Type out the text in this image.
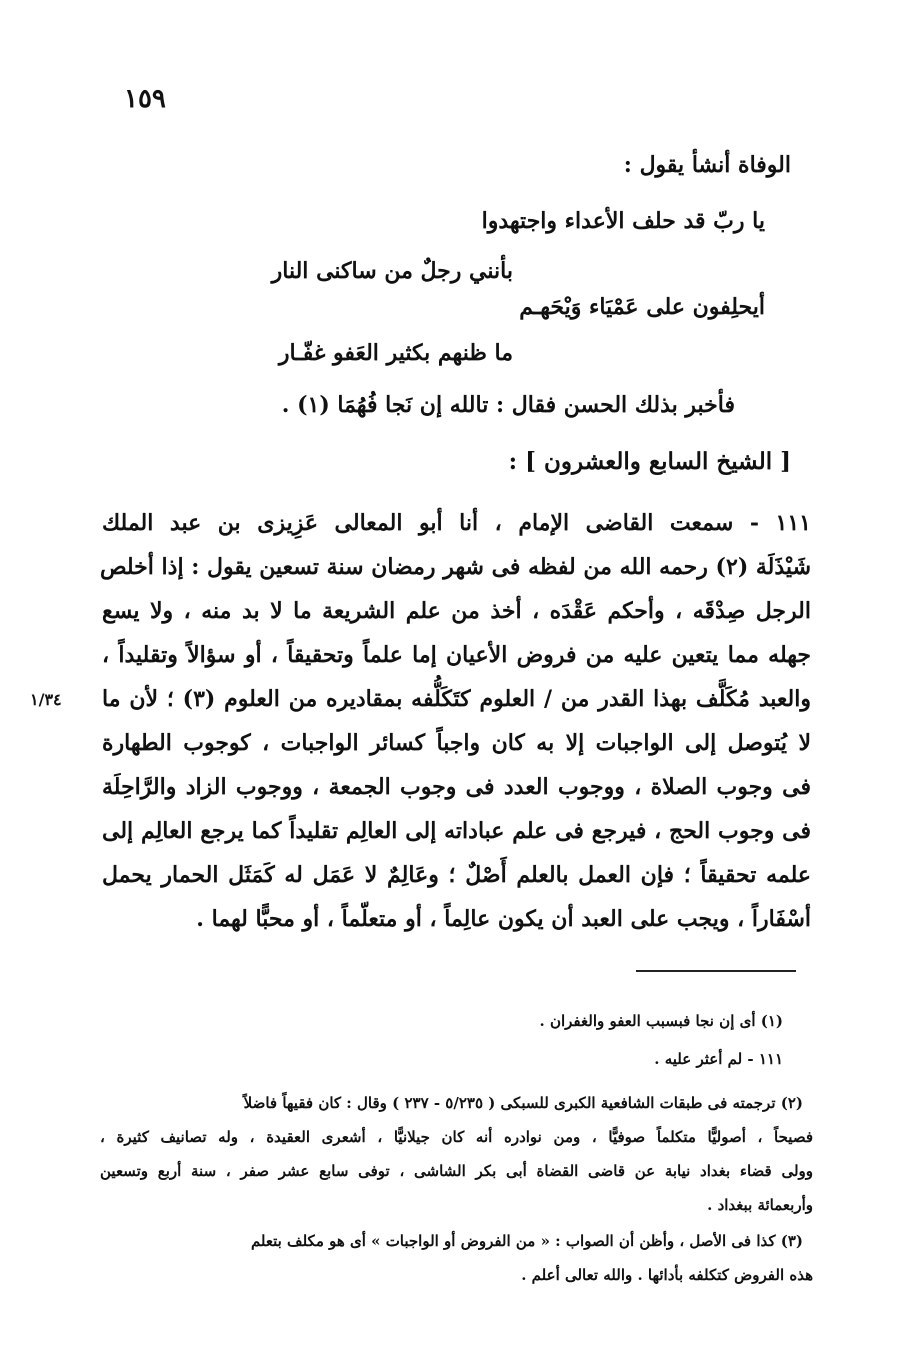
١٥٩
الوفاة أنشأ يقول :
يا ربّ قد حلف الأعداء واجتهدوا
بأنني رجلٌ من ساكنى النار
أيحلِفون على عَمْيَاء وَيْحَهـم
ما ظنهم بكثير العَفو غفّـار
فأخبر بذلك الحسن فقال : تالله إن نَجا فُهُمَا (١) .
[ الشيخ السابع والعشرون ] :
١١١ - سمعت القاضى الإمام ، أنا أبو المعالى عَزِيزى بن عبد الملك
شَيْذَلَة (٢) رحمه الله من لفظه فى شهر رمضان سنة تسعين يقول : إذا أخلص
الرجل صِدْقَه ، وأحكم عَقْدَه ، أخذ من علم الشريعة ما لا بد منه ، ولا يسع
جهله مما يتعين عليه من فروض الأعيان إما علماً وتحقيقاً ، أو سؤالاً وتقليداً ،
والعبد مُكَلَّف بهذا القدر من / العلوم كتَكَلُّفه بمقاديره من العلوم (٣) ؛ لأن ما
لا يُتوصل إلى الواجبات إلا به كان واجباً كسائر الواجبات ، كوجوب الطهارة
فى وجوب الصلاة ، ووجوب العدد فى وجوب الجمعة ، ووجوب الزاد والرَّاحِلَة
فى وجوب الحج ، فيرجع فى علم عباداته إلى العالِم تقليداً كما يرجع العالِم إلى
علمه تحقيقاً ؛ فإن العمل بالعلم أَصْلٌ ؛ وعَالِمٌ لا عَمَل له كَمَثَل الحمار يحمل
أسْفَاراً ، ويجب على العبد أن يكون عالِماً ، أو متعلّماً ، أو محبًّا لهما .
١/٣٤
(١) أى إن نجا فبسبب العفو والغفران .
١١١ - لم أعثر عليه .
(٢) ترجمته فى طبقات الشافعية الكبرى للسبكى ( ٥/٢٣٥ - ٢٣٧ ) وقال : كان فقيهاً فاضلاً
فصيحاً ، أصوليًّا متكلماً صوفيًّا ، ومن نوادره أنه كان جيلانيًّا ، أشعرى العقيدة ، وله تصانيف كثيرة ،
وولى قضاء بغداد نيابة عن قاضى القضاة أبى بكر الشاشى ، توفى سابع عشر صفر ، سنة أربع وتسعين
وأربعمائة ببغداد .
(٣) كذا فى الأصل ، وأظن أن الصواب : « من الفروض أو الواجبات » أى هو مكلف بتعلم
هذه الفروض كتكلفه بأدائها . والله تعالى أعلم .
